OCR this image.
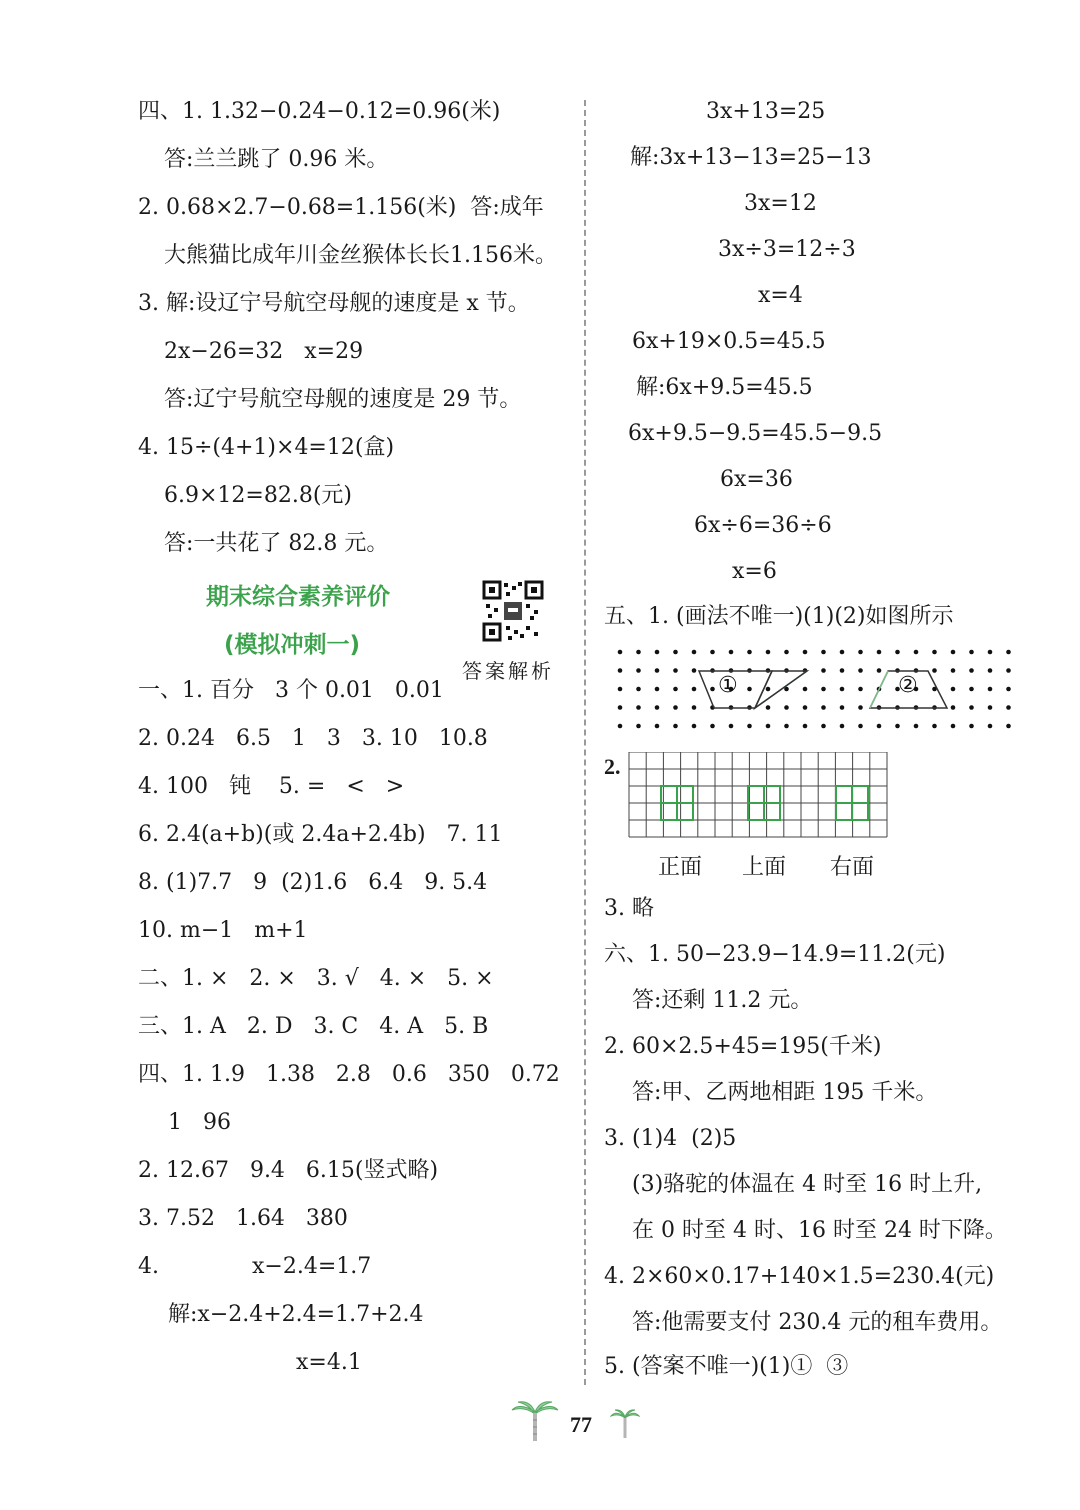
四、1. 1.32−0.24−0.12=0.96(米)
答:兰兰跳了 0.96 米。
2. 0.68×2.7−0.68=1.156(米)  答:成年
大熊猫比成年川金丝猴体长长1.156米。
3. 解:设辽宁号航空母舰的速度是 x 节。
2x−26=32   x=29
答:辽宁号航空母舰的速度是 29 节。
4. 15÷(4+1)×4=12(盒)
6.9×12=82.8(元)
答:一共花了 82.8 元。
期末综合素养评价
(模拟冲刺一)
答案解析
一、1. 百分   3 个 0.01   0.01
2. 0.24   6.5   1   3   3. 10   10.8
4. 100   钝    5. =   <   >
6. 2.4(a+b)(或 2.4a+2.4b)   7. 11
8. (1)7.7   9  (2)1.6   6.4   9. 5.4
10. m−1   m+1
二、1. ×   2. ×   3. √   4. ×   5. ×
三、1. A   2. D   3. C   4. A   5. B
四、1. 1.9   1.38   2.8   0.6   350   0.72
1   96
2. 12.67   9.4   6.15(竖式略)
3. 7.52   1.64   380
4.	x−2.4=1.7
解:x−2.4+2.4=1.7+2.4
x=4.1
3x+13=25
解:3x+13−13=25−13
3x=12
3x÷3=12÷3
x=4
6x+19×0.5=45.5
解:6x+9.5=45.5
6x+9.5−9.5=45.5−9.5
6x=36
6x÷6=36÷6
x=6
五、1. (画法不唯一)(1)(2)如图所示
①	②
2.
正面 上面 右面
3. 略
六、1. 50−23.9−14.9=11.2(元)
答:还剩 11.2 元。
2. 60×2.5+45=195(千米)
答:甲、乙两地相距 195 千米。
3. (1)4  (2)5
(3)骆驼的体温在 4 时至 16 时上升,
在 0 时至 4 时、16 时至 24 时下降。
4. 2×60×0.17+140×1.5=230.4(元)
答:他需要支付 230.4 元的租车费用。
5. (答案不唯一)(1)①  ③
77
